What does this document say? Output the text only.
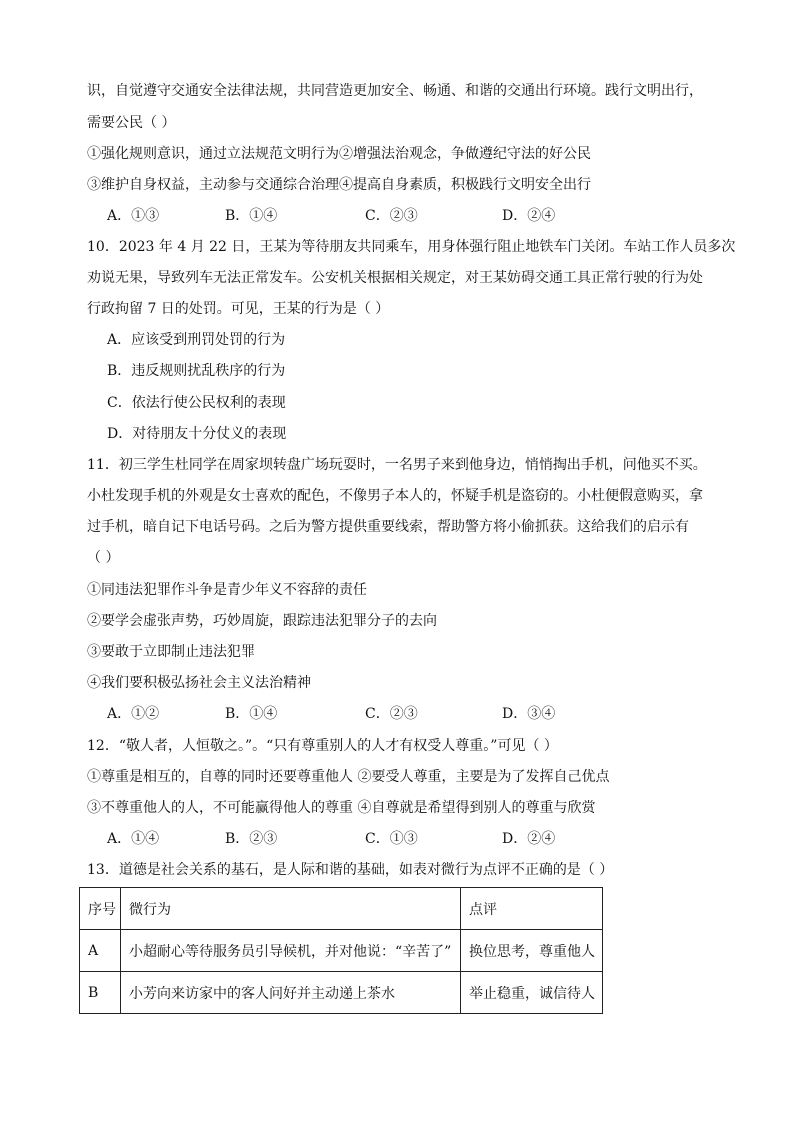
识，自觉遵守交通安全法律法规，共同营造更加安全、畅通、和谐的交通出行环境。践行文明出行，
需要公民（ ）
①强化规则意识，通过立法规范文明行为②增强法治观念，争做遵纪守法的好公民
③维护自身权益，主动参与交通综合治理④提高自身素质，积极践行文明安全出行
A．①③	B．①④	C．②③	D．②④
10．2023 年 4 月 22 日，王某为等待朋友共同乘车，用身体强行阻止地铁车门关闭。车站工作人员多次
劝说无果，导致列车无法正常发车。公安机关根据相关规定，对王某妨碍交通工具正常行驶的行为处
行政拘留 7 日的处罚。可见，王某的行为是（ ）
A．应该受到刑罚处罚的行为
B．违反规则扰乱秩序的行为
C．依法行使公民权利的表现
D．对待朋友十分仗义的表现
11．初三学生杜同学在周家坝转盘广场玩耍时，一名男子来到他身边，悄悄掏出手机，问他买不买。
小杜发现手机的外观是女士喜欢的配色，不像男子本人的，怀疑手机是盗窃的。小杜便假意购买，拿
过手机，暗自记下电话号码。之后为警方提供重要线索，帮助警方将小偷抓获。这给我们的启示有
（ ）
①同违法犯罪作斗争是青少年义不容辞的责任
②要学会虚张声势，巧妙周旋，跟踪违法犯罪分子的去向
③要敢于立即制止违法犯罪
④我们要积极弘扬社会主义法治精神
A．①②	B．①④	C．②③	D．③④
12．“敬人者，人恒敬之。”。“只有尊重别人的人才有权受人尊重。”可见（ ）
①尊重是相互的，自尊的同时还要尊重他人 ②要受人尊重，主要是为了发挥自己优点
③不尊重他人的人，不可能赢得他人的尊重 ④自尊就是希望得到别人的尊重与欣赏
A．①④	B．②③	C．①③	D．②④
13．道德是社会关系的基石，是人际和谐的基础，如表对微行为点评不正确的是（ ）
序号	微行为	点评
A	小超耐心等待服务员引导候机，并对他说：“辛苦了”	换位思考，尊重他人
B	小芳向来访家中的客人问好并主动递上茶水	举止稳重，诚信待人
